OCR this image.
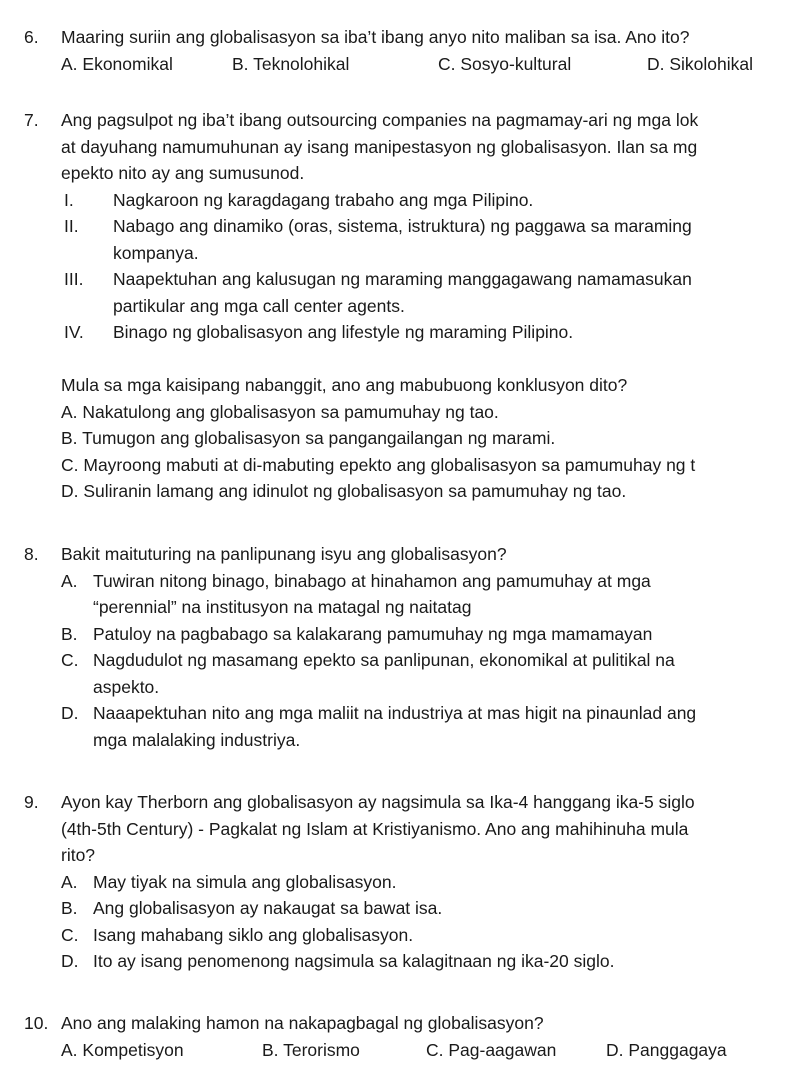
6. Maaring suriin ang globalisasyon sa iba’t ibang anyo nito maliban sa isa. Ano ito?
A. Ekonomikal	B. Teknolohikal	C. Sosyo-kultural	D. Sikolohikal
7. Ang pagsulpot ng iba’t ibang outsourcing companies na pagmamay-ari ng mga lok
at dayuhang namumuhunan ay isang manipestasyon ng globalisasyon. Ilan sa mg
epekto nito ay ang sumusunod.
I. Nagkaroon ng karagdagang trabaho ang mga Pilipino.
II. Nabago ang dinamiko (oras, sistema, istruktura) ng paggawa sa maraming
kompanya.
III. Naapektuhan ang kalusugan ng maraming manggagawang namamasukan
partikular ang mga call center agents.
IV. Binago ng globalisasyon ang lifestyle ng maraming Pilipino.
Mula sa mga kaisipang nabanggit, ano ang mabubuong konklusyon dito?
A. Nakatulong ang globalisasyon sa pamumuhay ng tao.
B. Tumugon ang globalisasyon sa pangangailangan ng marami.
C. Mayroong mabuti at di-mabuting epekto ang globalisasyon sa pamumuhay ng t
D. Suliranin lamang ang idinulot ng globalisasyon sa pamumuhay ng tao.
8. Bakit maituturing na panlipunang isyu ang globalisasyon?
A. Tuwiran nitong binago, binabago at hinahamon ang pamumuhay at mga
“perennial” na institusyon na matagal ng naitatag
B. Patuloy na pagbabago sa kalakarang pamumuhay ng mga mamamayan
C. Nagdudulot ng masamang epekto sa panlipunan, ekonomikal at pulitikal na
aspekto.
D. Naaapektuhan nito ang mga maliit na industriya at mas higit na pinaunlad ang
mga malalaking industriya.
9. Ayon kay Therborn ang globalisasyon ay nagsimula sa Ika-4 hanggang ika-5 siglo
(4th-5th Century) - Pagkalat ng Islam at Kristiyanismo. Ano ang mahihinuha mula
rito?
A. May tiyak na simula ang globalisasyon.
B. Ang globalisasyon ay nakaugat sa bawat isa.
C. Isang mahabang siklo ang globalisasyon.
D. Ito ay isang penomenong nagsimula sa kalagitnaan ng ika-20 siglo.
10. Ano ang malaking hamon na nakapagbagal ng globalisasyon?
A. Kompetisyon	B. Terorismo	C. Pag-aagawan	D. Panggagaya
